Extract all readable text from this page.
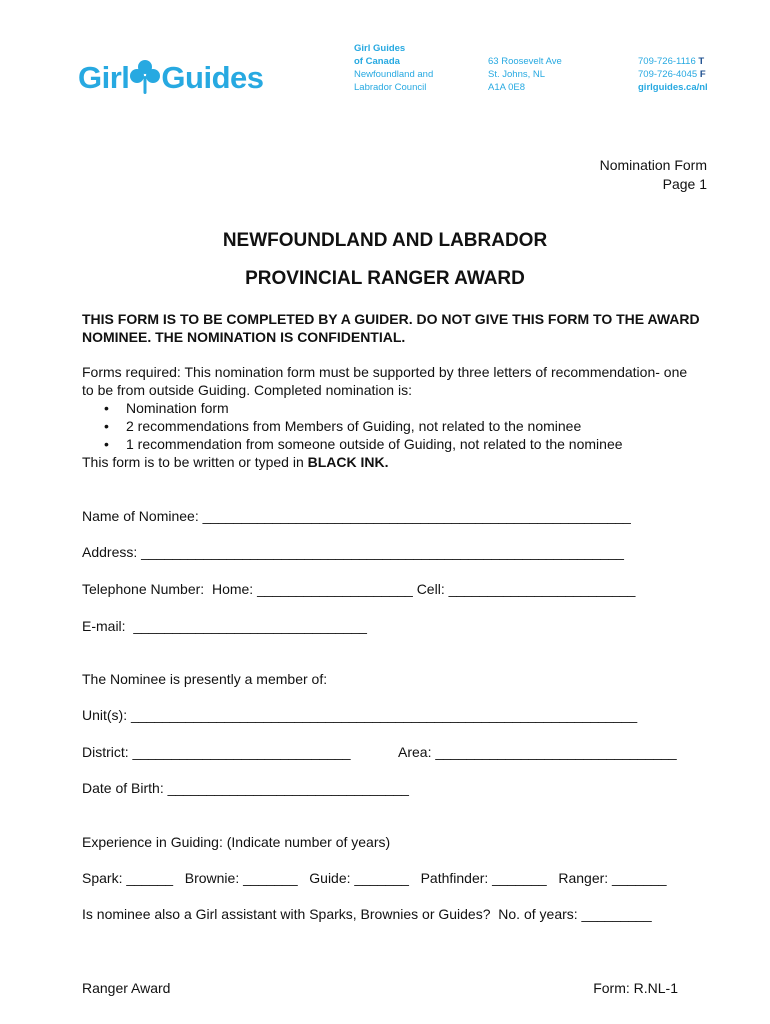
Girl Guides
Girl Guides
of Canada
Newfoundland and
Labrador Council
63 Roosevelt Ave
St. Johns, NL
A1A 0E8
709-726-1116 T
709-726-4045 F
girlguides.ca/nl
Nomination Form
Page 1
NEWFOUNDLAND AND LABRADOR
PROVINCIAL RANGER AWARD
THIS FORM IS TO BE COMPLETED BY A GUIDER. DO NOT GIVE THIS FORM TO THE AWARD NOMINEE. THE NOMINATION IS CONFIDENTIAL.
Forms required: This nomination form must be supported by three letters of recommendation- one to be from outside Guiding. Completed nomination is:
• Nomination form
• 2 recommendations from Members of Guiding, not related to the nominee
• 1 recommendation from someone outside of Guiding, not related to the nominee
This form is to be written or typed in BLACK INK.
Name of Nominee: _______________________________________________________
Address: ______________________________________________________________
Telephone Number:  Home: ____________________ Cell: ________________________
E-mail:  ______________________________
The Nominee is presently a member of:
Unit(s): _________________________________________________________________
District: ____________________________	Area: _______________________________
Date of Birth: _______________________________
Experience in Guiding: (Indicate number of years)
Spark: ______   Brownie: _______   Guide: _______   Pathfinder: _______   Ranger: _______
Is nominee also a Girl assistant with Sparks, Brownies or Guides?  No. of years: _________
Ranger Award	Form: R.NL-1
